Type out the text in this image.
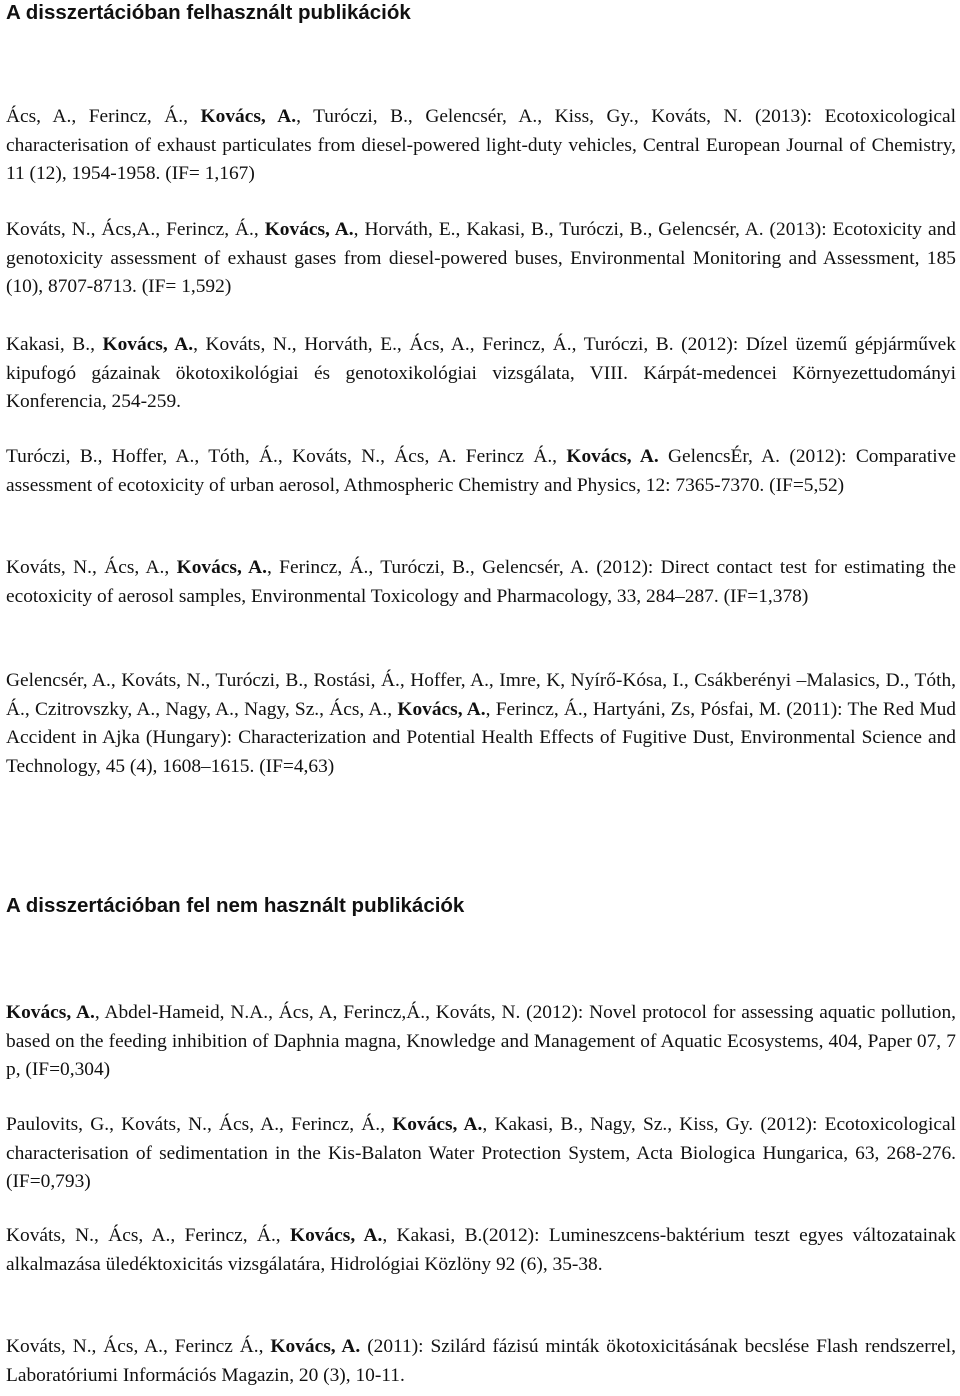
A disszertációban felhasznált publikációk

Ács, A., Ferincz, Á., Kovács, A., Turóczi, B., Gelencsér, A., Kiss, Gy., Kováts, N. (2013): Ecotoxicological characterisation of exhaust particulates from diesel-powered light-duty vehicles, Central European Journal of Chemistry, 11 (12), 1954-1958. (IF= 1,167)

Kováts, N., Ács,A., Ferincz, Á., Kovács, A., Horváth, E., Kakasi, B., Turóczi, B., Gelencsér, A. (2013): Ecotoxicity and genotoxicity assessment of exhaust gases from diesel-powered buses, Environmental Monitoring and Assessment, 185 (10), 8707-8713. (IF= 1,592)

Kakasi, B., Kovács, A., Kováts, N., Horváth, E., Ács, A., Ferincz, Á., Turóczi, B. (2012): Dízel üzemű gépjárművek kipufogó gázainak ökotoxikológiai és genotoxikológiai vizsgálata, VIII. Kárpát-medencei Környezettudományi Konferencia, 254-259.

Turóczi, B., Hoffer, A., Tóth, Á., Kováts, N., Ács, A. Ferincz Á., Kovács, A. GelencsÉr, A. (2012): Comparative assessment of ecotoxicity of urban aerosol, Athmospheric Chemistry and Physics, 12: 7365-7370. (IF=5,52)

Kováts, N., Ács, A., Kovács, A., Ferincz, Á., Turóczi, B., Gelencsér, A. (2012): Direct contact test for estimating the ecotoxicity of aerosol samples, Environmental Toxicology and Pharmacology, 33, 284–287. (IF=1,378)

Gelencsér, A., Kováts, N., Turóczi, B., Rostási, Á., Hoffer, A., Imre, K, Nyírő-Kósa, I., Csákberényi –Malasics, D., Tóth, Á., Czitrovszky, A., Nagy, A., Nagy, Sz., Ács, A., Kovács, A., Ferincz, Á., Hartyáni, Zs, Pósfai, M. (2011): The Red Mud Accident in Ajka (Hungary): Characterization and Potential Health Effects of Fugitive Dust, Environmental Science and Technology, 45 (4), 1608–1615. (IF=4,63)

A disszertációban fel nem használt publikációk

Kovács, A., Abdel-Hameid, N.A., Ács, A, Ferincz,Á., Kováts, N. (2012): Novel protocol for assessing aquatic pollution, based on the feeding inhibition of Daphnia magna, Knowledge and Management of Aquatic Ecosystems, 404, Paper 07, 7 p, (IF=0,304)

Paulovits, G., Kováts, N., Ács, A., Ferincz, Á., Kovács, A., Kakasi, B., Nagy, Sz., Kiss, Gy. (2012): Ecotoxicological characterisation of sedimentation in the Kis-Balaton Water Protection System, Acta Biologica Hungarica, 63, 268-276. (IF=0,793)

Kováts, N., Ács, A., Ferincz, Á., Kovács, A., Kakasi, B.(2012): Lumineszcens-baktérium teszt egyes változatainak alkalmazása üledéktoxicitás vizsgálatára, Hidrológiai Közlöny 92 (6), 35-38.

Kováts, N., Ács, A., Ferincz Á., Kovács, A. (2011): Szilárd fázisú minták ökotoxicitásának becslése Flash rendszerrel, Laboratóriumi Információs Magazin, 20 (3), 10-11.
